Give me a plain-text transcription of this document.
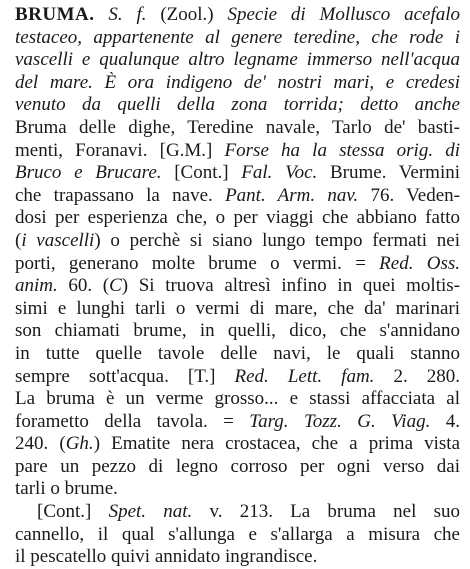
BRUMA. S. f. (Zool.) Specie di Mollusco acefalo
testaceo, appartenente al genere teredine, che rode i
vascelli e qualunque altro legname immerso nell'acqua
del mare. È ora indigeno de' nostri mari, e credesi
venuto da quelli della zona torrida; detto anche
Bruma delle dighe, Teredine navale, Tarlo de' basti-
menti, Foranavi. [G.M.] Forse ha la stessa orig. di
Bruco e Brucare. [Cont.] Fal. Voc. Brume. Vermini
che trapassano la nave. Pant. Arm. nav. 76. Veden-
dosi per esperienza che, o per viaggi che abbiano fatto
(i vascelli) o perchè si siano lungo tempo fermati nei
porti, generano molte brume o vermi. = Red. Oss.
anim. 60. (C) Si truova altresì infino in quei moltis-
simi e lunghi tarli o vermi di mare, che da' marinari
son chiamati brume, in quelli, dico, che s'annidano
in tutte quelle tavole delle navi, le quali stanno
sempre sott'acqua. [T.] Red. Lett. fam. 2. 280.
La bruma è un verme grosso... e stassi affacciata al
forametto della tavola. = Targ. Tozz. G. Viag. 4.
240. (Gh.) Ematite nera crostacea, che a prima vista
pare un pezzo di legno corroso per ogni verso dai
tarli o brume.
[Cont.] Spet. nat. v. 213. La bruma nel suo
cannello, il qual s'allunga e s'allarga a misura che
il pescatello quivi annidato ingrandisce.
